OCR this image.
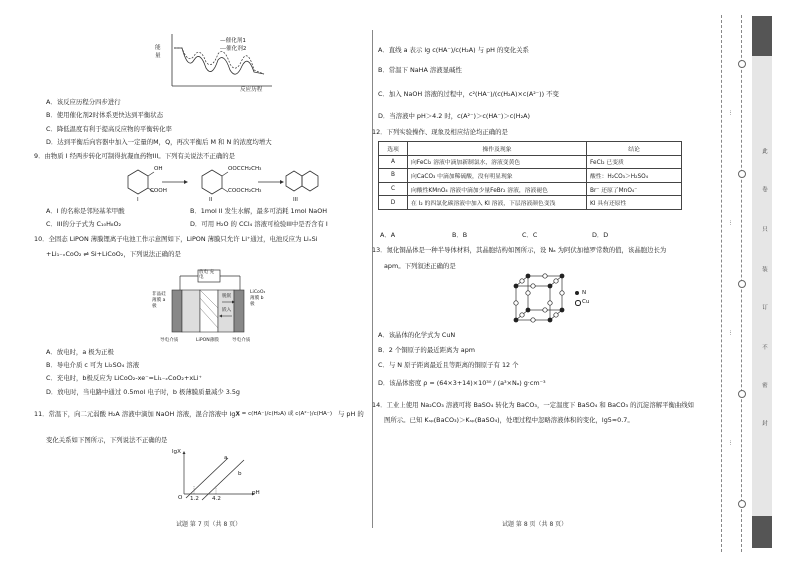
能量
反应历程
—催化剂1
---催化剂2
A．该反应历程分四步进行
B．使用催化剂2时体系更快达到平衡状态
C．降低温度有利于提高反应物的平衡转化率
D．达到平衡后向容器中加入一定量的M，Q，再次平衡后 M 和 N 的浓度均增大
9．由物质 I 经两步转化可制得抗凝血药物III。下列有关说法不正确的是
OH
COOH
OOCCH₂CH₃
COOCH₂CH₃
I	II	III
A．I 的名称是邻羟基苯甲酸	B．1mol II 发生水解，最多可消耗 1mol NaOH
C．III的分子式为 C₁₀H₈O₂	D．可用 H₂O 的 CCl₄ 溶液可检验III中是否含有 I
10．全固态 LiPON 薄膜锂离子电池工作示意图如下，LiPON 薄膜只允许 Li⁺通过，电池反应为 LiₓSi
+Li₁₋ₓCoO₂ ⇌ Si+LiCoO₂，下列说法正确的是
放电 充电
非晶硅 薄膜 a极
LiCoO₂ 薄膜 b极
脱嵌
嵌入
导电介质	LiPON薄膜	导电介质
A．放电时，a 极为正极
B．导电介质 c 可为 Li₂SO₄ 溶液
C．充电时，b极反应为 LiCoO₂-xe⁻=Li₁₋ₓCoO₂+xLi⁺
D．放电时，当电路中通过 0.5mol 电子时，b 极薄膜质量减少 3.5g
11．常温下，向二元弱酸 H₂A 溶液中滴加 NaOH 溶液，混合溶液中 lgX
X = c(HA⁻)/c(H₂A) 或 c(A²⁻)/c(HA⁻) 与 pH 的
变化关系如下图所示，下列说法不正确的是
lgX
pH
O
a
b
1.2 4.2
试题 第 7 页（共 8 页）
A．直线 a 表示 lg c(HA⁻)/c(H₂A) 与 pH 的变化关系
B．常温下 NaHA 溶液显碱性
C．加入 NaOH 溶液的过程中，c²(HA⁻)/(c(H₂A)×c(A²⁻)) 不变
D．当溶液中 pH＞4.2 时，c(A²⁻)＞c(HA⁻)＞c(H₂A)
12．下列实验操作、现象及相应结论均正确的是
选项	操作及现象	结论
A	向FeCl₂ 溶液中滴加新制氯水，溶液变黄色	FeCl₂ 已变质
B	向CaCO₃ 中滴加稀硫酸，没有明显现象	酸性：H₂CO₃＞H₂SO₄
C	向酸性KMnO₄ 溶液中滴加少量FeBr₂ 溶液，溶液褪色	Br⁻ 还原了MnO₄⁻
D	在 I₂ 的四氯化碳溶液中加入 KI 溶液，下层溶液颜色变浅	KI 具有还原性
A．A	B．B	C．C	D．D
13．氮化铜晶体是一种半导体材料，其晶胞结构如图所示，设 Nₐ 为阿伏加德罗常数的值，该晶胞边长为
apm。下列叙述正确的是
N
Cu
A．该晶体的化学式为 CuN
B．2 个铜原子的最近距离为 apm
C．与 N 原子距离最近且等距离的铜原子有 12 个
D．该晶体密度 ρ = (64×3+14)×10³⁰ / (a³×Nₐ) g·cm⁻³
14．工业上使用 Na₂CO₃ 溶液可将 BaSO₄ 转化为 BaCO₃，一定温度下 BaSO₄ 和 BaCO₃ 的沉淀溶解平衡曲线如
图所示。已知 Kₛₚ(BaCO₃)＞Kₛₚ(BaSO₄)，处理过程中忽略溶液体积的变化，lg5≈0.7。
试题 第 8 页（共 8 页）
…
…
…
…
此
卷
只
装
订
不
密
封
